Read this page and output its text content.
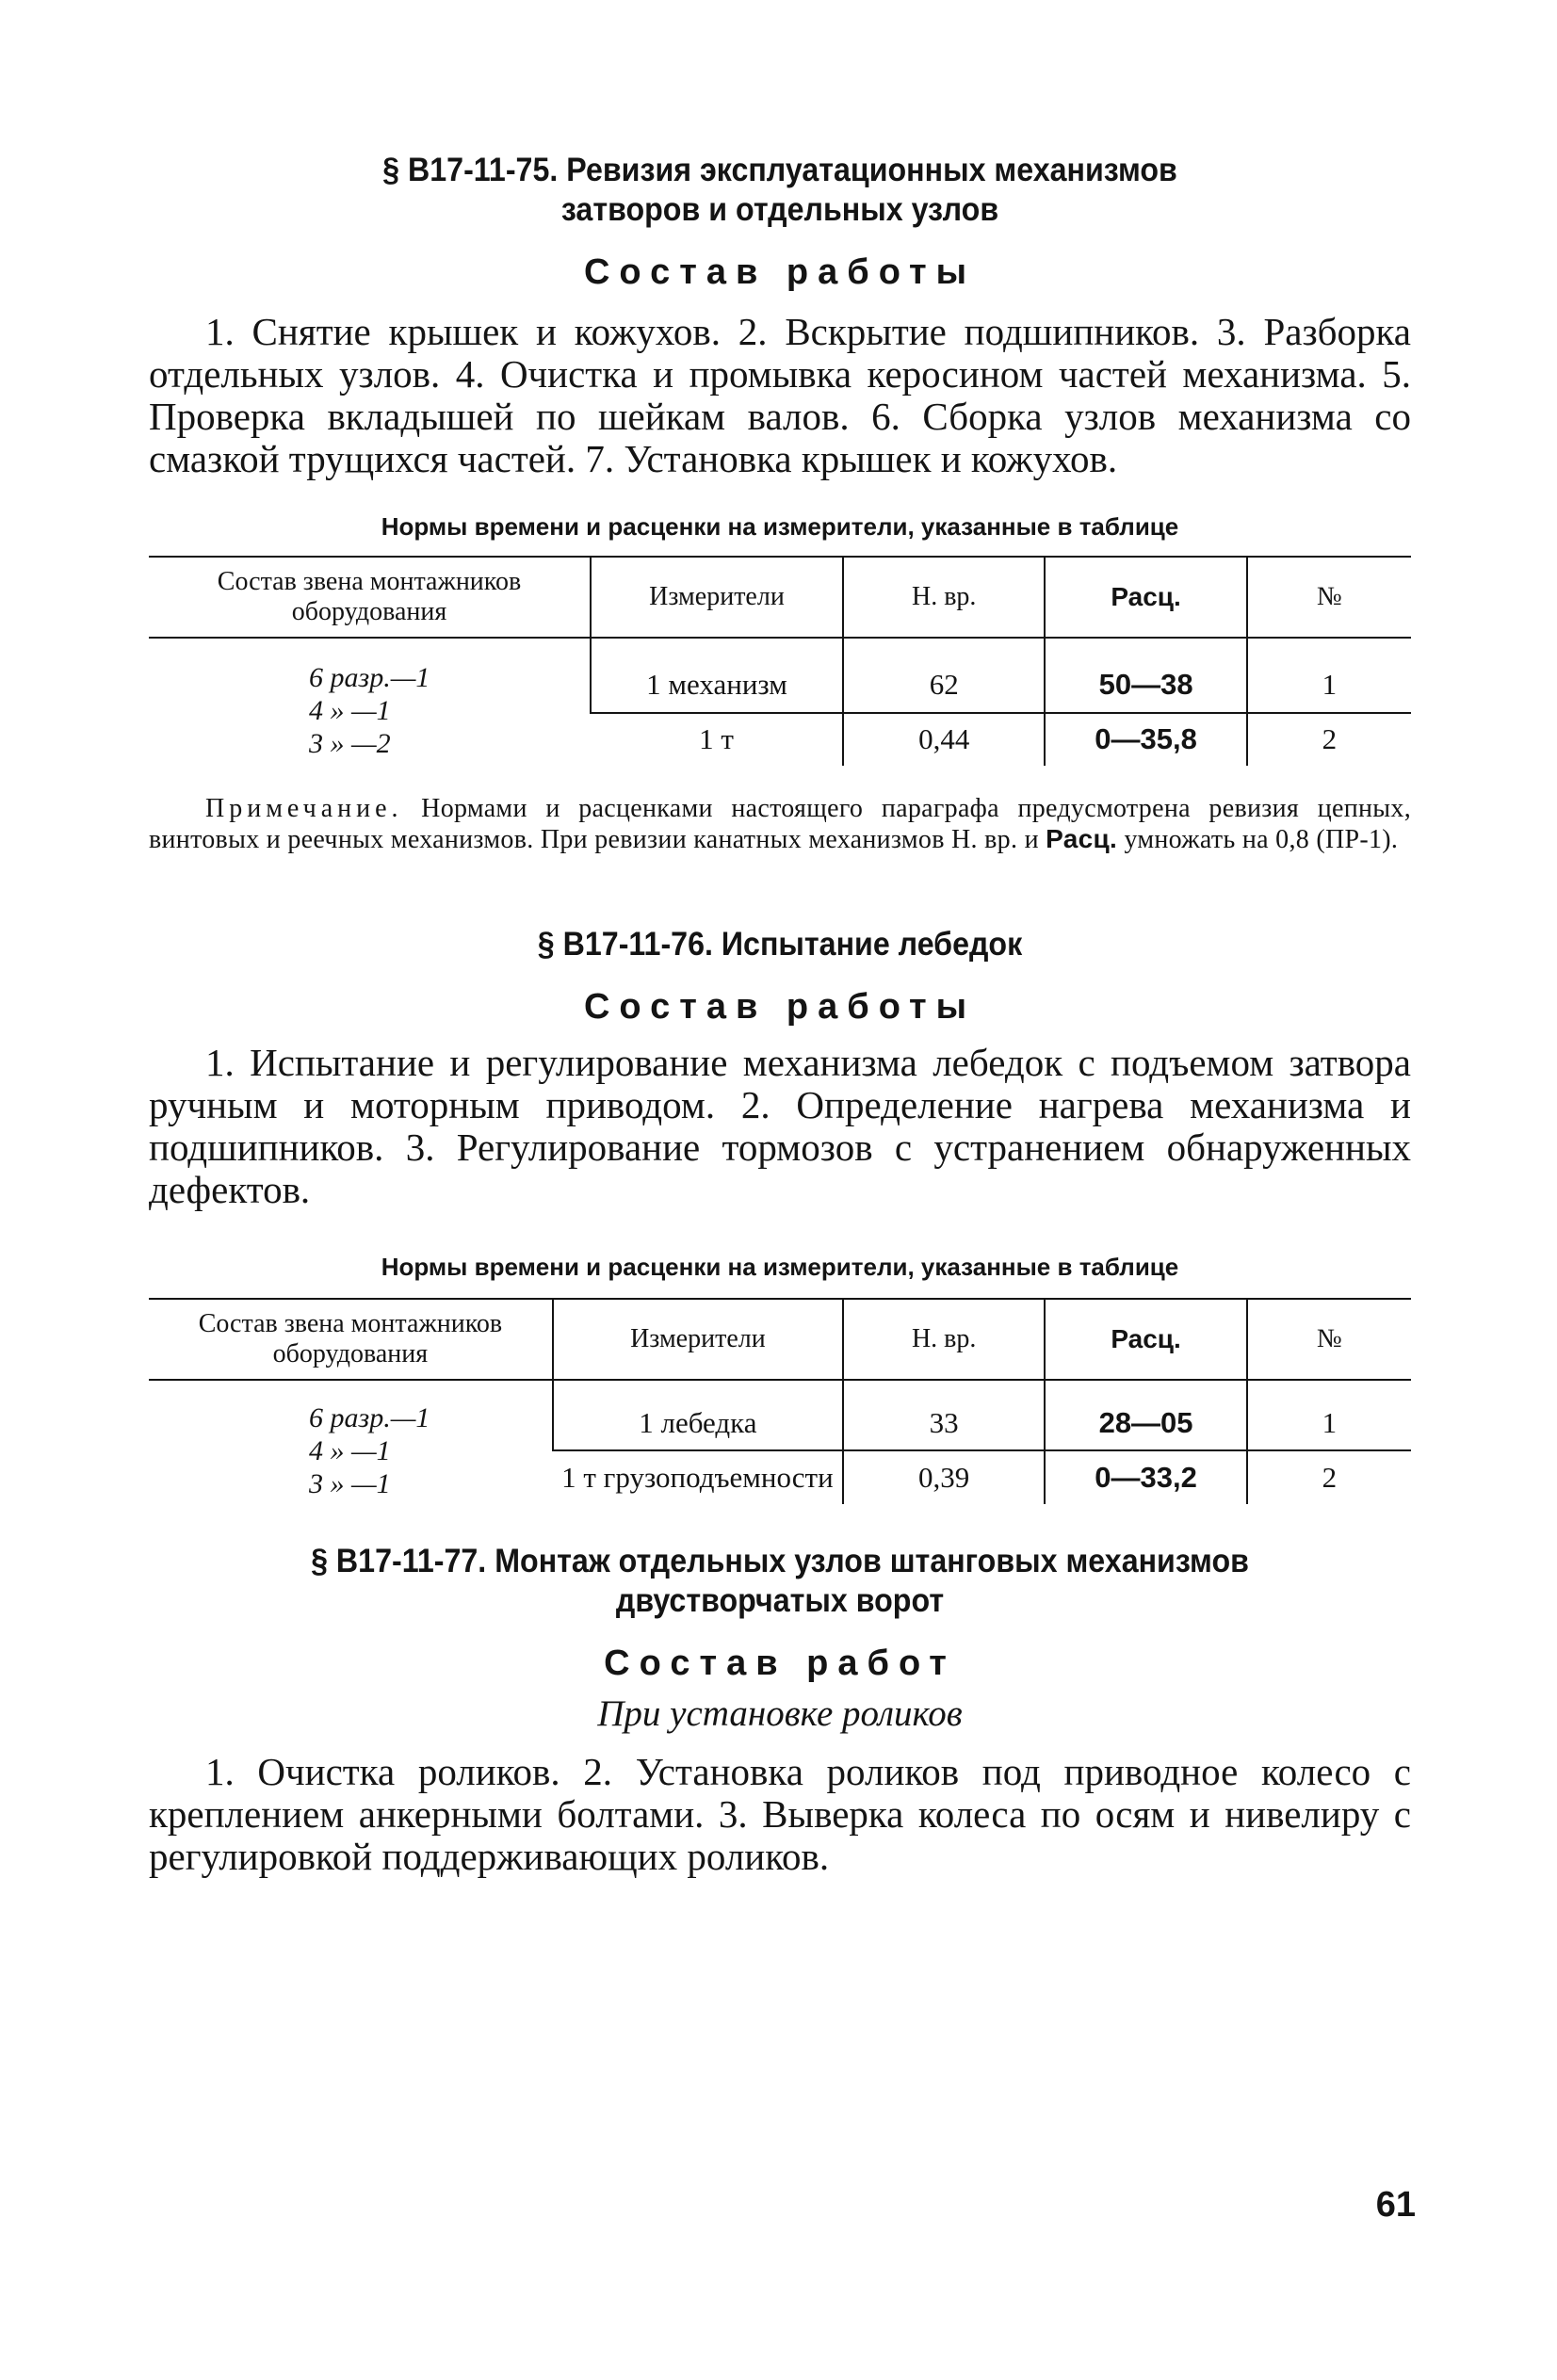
§ В17-11-75. Ревизия эксплуатационных механизмов

затворов и отдельных узлов

Состав работы

1. Снятие крышек и кожухов. 2. Вскрытие подшипников. 3. Разборка отдельных узлов. 4. Очистка и промывка керосином частей механизма. 5. Проверка вкладышей по шейкам валов. 6. Сборка узлов механизма со смазкой трущихся частей. 7. Установка крышек и кожухов.

Нормы времени и расценки на измерители, указанные в таблице

Состав звена монтажников оборудования	Измерители	Н. вр.	Расц.	№

6 разр.—1
4 » —1
3 » —2	1 механизм	62	50—38	1
	1 т	0,44	0—35,8	2

Примечание. Нормами и расценками настоящего параграфа предусмотрена ревизия цепных, винтовых и реечных механизмов. При ревизии канатных механизмов Н. вр. и Расц. умножать на 0,8 (ПР-1).

§ В17-11-76. Испытание лебедок

Состав работы

1. Испытание и регулирование механизма лебедок с подъемом затвора ручным и моторным приводом. 2. Определение нагрева механизма и подшипников. 3. Регулирование тормозов с устранением обнаруженных дефектов.

Нормы времени и расценки на измерители, указанные в таблице

Состав звена монтажников оборудования	Измерители	Н. вр.	Расц.	№

6 разр.—1
4 » —1
3 » —1	1 лебедка	33	28—05	1
	1 т грузоподъемности	0,39	0—33,2	2

§ В17-11-77. Монтаж отдельных узлов штанговых механизмов

двустворчатых ворот

Состав работ

При установке роликов

1. Очистка роликов. 2. Установка роликов под приводное колесо с креплением анкерными болтами. 3. Выверка колеса по осям и нивелиру с регулировкой поддерживающих роликов.

61
